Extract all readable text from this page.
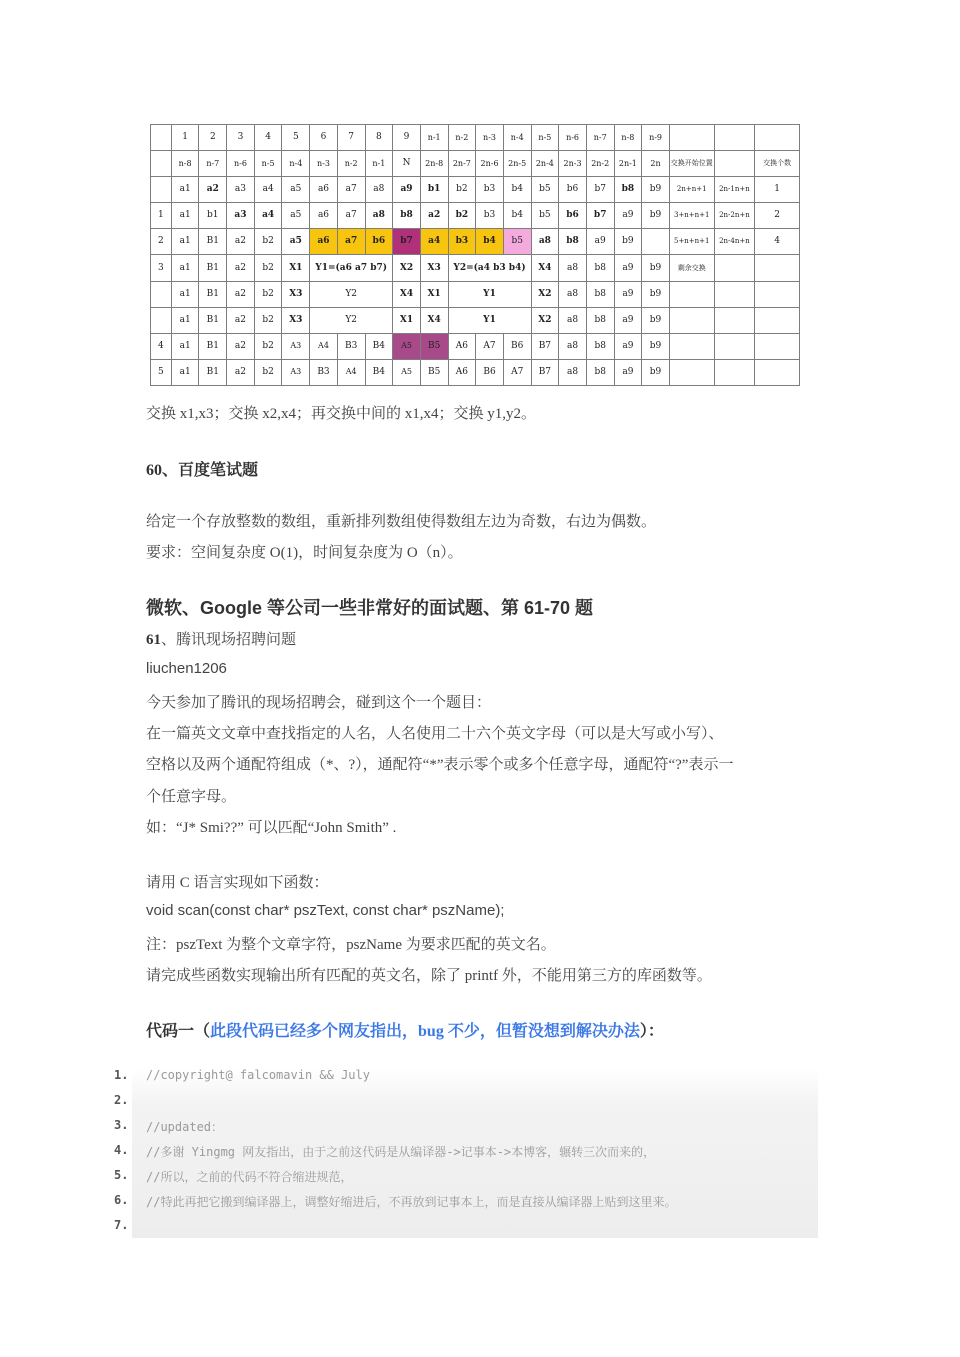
	1	2	3	4	5	6	7	8	9	n-1	n-2	n-3	n-4	n-5	n-6	n-7	n-8	n-9			
	n-8	n-7	n-6	n-5	n-4	n-3	n-2	n-1	N	2n-8	2n-7	2n-6	2n-5	2n-4	2n-3	2n-2	2n-1	2n	交换开始位置		交换个数
	a1	a2	a3	a4	a5	a6	a7	a8	a9	b1	b2	b3	b4	b5	b6	b7	b8	b9	2n+n+1	2n-1n+n	1
1	a1	b1	a3	a4	a5	a6	a7	a8	b8	a2	b2	b3	b4	b5	b6	b7	a9	b9	3+n+n+1	2n-2n+n	2
2	a1	B1	a2	b2	a5	a6	a7	b6	b7	a4	b3	b4	b5	a8	b8	a9	b9		5+n+n+1	2n-4n+n	4
3	a1	B1	a2	b2	X1	Y1=(a6 a7 b7)			X2	X3	Y2=(a4 b3 b4)			X4	a8	b8	a9	b9	剩余交换		
	a1	B1	a2	b2	X3	Y2			X4	X1	Y1			X2	a8	b8	a9	b9			
	a1	B1	a2	b2	X3	Y2			X1	X4	Y1			X2	a8	b8	a9	b9			
4	a1	B1	a2	b2	A3	A4	B3	B4	A5	B5	A6	A7	B6	B7	a8	b8	a9	b9			
5	a1	B1	a2	b2	A3	B3	A4	B4	A5	B5	A6	B6	A7	B7	a8	b8	a9	b9			
交换 x1,x3；交换 x2,x4；再交换中间的 x1,x4；交换 y1,y2。
60、百度笔试题
给定一个存放整数的数组，重新排列数组使得数组左边为奇数，右边为偶数。
要求：空间复杂度 O(1)，时间复杂度为 O（n）。
微软、Google 等公司一些非常好的面试题、第 61-70 题
61、腾讯现场招聘问题
liuchen1206
今天参加了腾讯的现场招聘会，碰到这个一个题目：
在一篇英文文章中查找指定的人名，人名使用二十六个英文字母（可以是大写或小写）、
空格以及两个通配符组成（*、?），通配符“*”表示零个或多个任意字母，通配符“?”表示一
个任意字母。
如：“J* Smi??” 可以匹配“John Smith” .
请用 C 语言实现如下函数：
void scan(const char* pszText, const char* pszName);
注：pszText 为整个文章字符，pszName 为要求匹配的英文名。
请完成些函数实现输出所有匹配的英文名，除了 printf 外，不能用第三方的库函数等。
代码一（此段代码已经多个网友指出，bug 不少，但暂没想到解决办法）：
1.	//copyright@ falcomavin && July
2.
3.	//updated：
4.	//多谢 Yingmg 网友指出，由于之前这代码是从编译器->记事本->本博客，辗转三次而来的，
5.	//所以，之前的代码不符合缩进规范，
6.	//特此再把它搬到编译器上，调整好缩进后，不再放到记事本上，而是直接从编译器上贴到这里来。
7.
